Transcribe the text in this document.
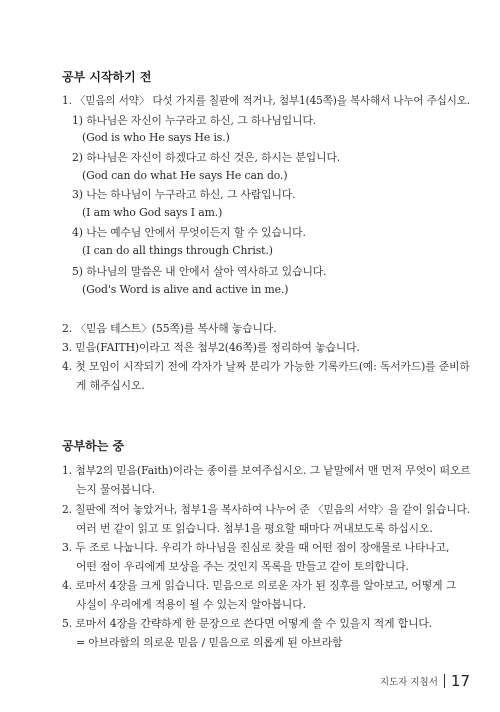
공부 시작하기 전
1. 〈믿음의 서약〉 다섯 가지를 칠판에 적거나, 첨부1(45쪽)을 복사해서 나누어 주십시오.
1) 하나님은 자신이 누구라고 하신, 그 하나님입니다.
(God is who He says He is.)
2) 하나님은 자신이 하겠다고 하신 것은, 하시는 분입니다.
(God can do what He says He can do.)
3) 나는 하나님이 누구라고 하신, 그 사람입니다.
(I am who God says I am.)
4) 나는 예수님 안에서 무엇이든지 할 수 있습니다.
(I can do all things through Christ.)
5) 하나님의 말씀은 내 안에서 살아 역사하고 있습니다.
(God's Word is alive and active in me.)
2. 〈믿음 테스트〉(55쪽)를 복사해 놓습니다.
3. 믿음(FAITH)이라고 적은 첨부2(46쪽)를 정리하여 놓습니다.
4. 첫 모임이 시작되기 전에 각자가 날짜 분리가 가능한 기록카드(예: 독서카드)를 준비하
게 해주십시오.
공부하는 중
1. 첨부2의 믿음(Faith)이라는 종이를 보여주십시오. 그 낱말에서 맨 먼저 무엇이 떠오르
는지 물어봅니다.
2. 칠판에 적어 놓았거나, 첨부1을 복사하여 나누어 준 〈믿음의 서약〉을 같이 읽습니다.
여러 번 같이 읽고 또 읽습니다. 첨부1을 평요할 때마다 꺼내보도록 하십시오.
3. 두 조로 나눕니다. 우리가 하나님을 진심로 찾을 때 어떤 점이 장애물로 나타나고,
어떤 점이 우리에게 보상을 주는 것인지 목록을 만들고 같이 토의합니다.
4. 로마서 4장을 크게 읽습니다. 믿음으로 의로운 자가 된 징후를 알아보고, 어떻게 그
사실이 우리에게 적용이 될 수 있는지 알아봅니다.
5. 로마서 4장을 간략하게 한 문장으로 쓴다면 어떻게 쓸 수 있을지 적게 합니다.
= 아브라함의 의로운 믿음 / 믿음으로 의롭게 된 아브라함
지도자 지침서 17
